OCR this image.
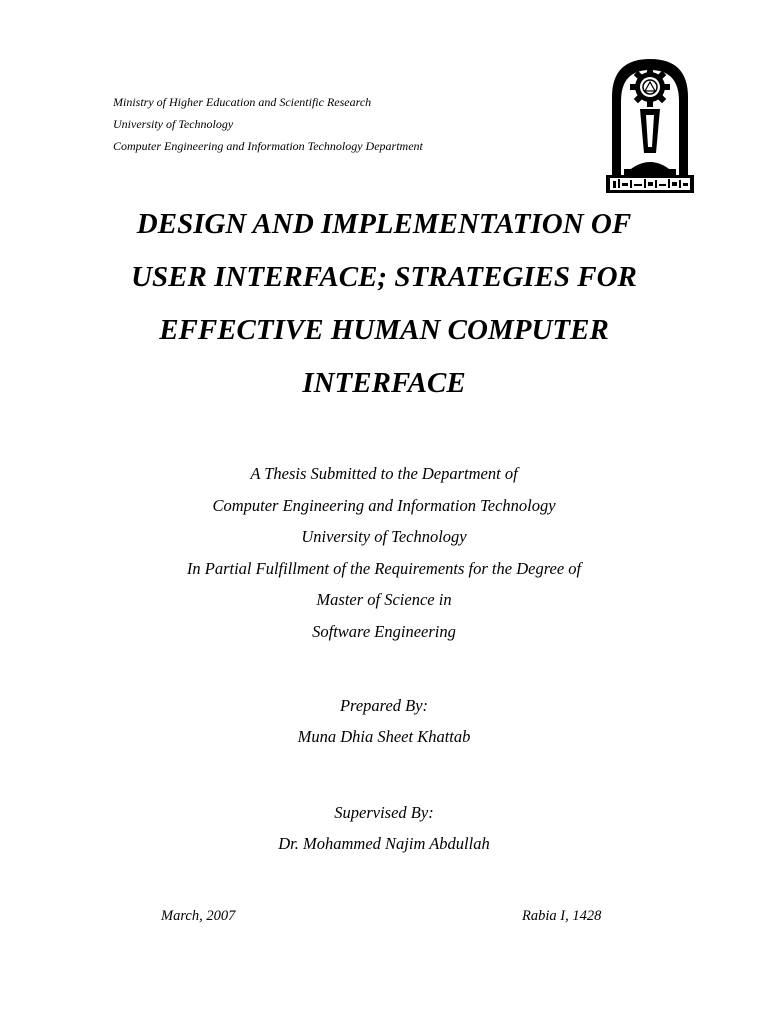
Ministry of Higher Education and Scientific Research
University of Technology
Computer Engineering and Information Technology Department
DESIGN AND IMPLEMENTATION OF
USER INTERFACE; STRATEGIES FOR
EFFECTIVE HUMAN COMPUTER
INTERFACE
A Thesis Submitted to the Department of
Computer Engineering and Information Technology
University of Technology
In Partial Fulfillment of the Requirements for the Degree of
Master of Science in
Software Engineering
Prepared By:
Muna Dhia Sheet Khattab
Supervised By:
Dr. Mohammed Najim Abdullah
March, 2007	Rabia I, 1428
